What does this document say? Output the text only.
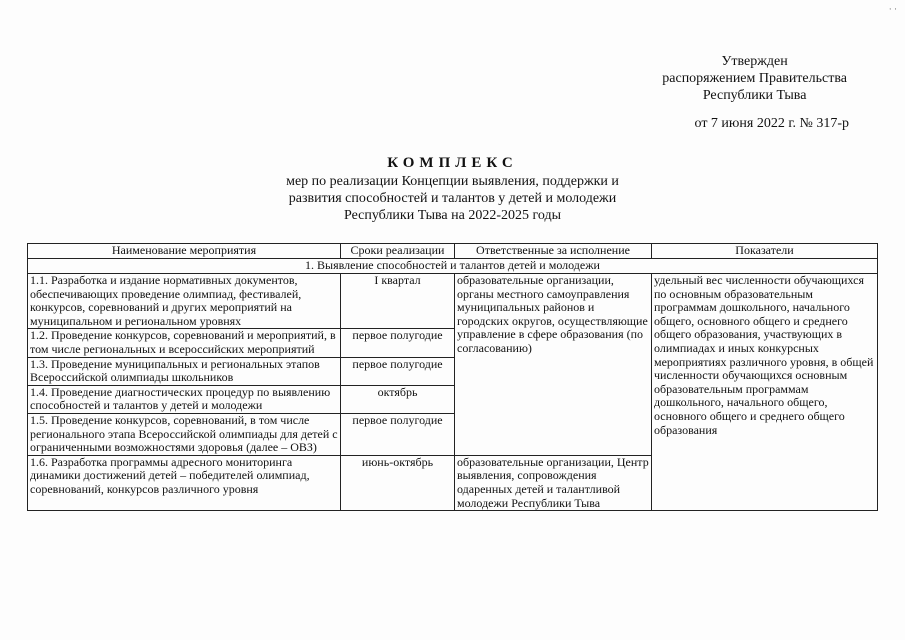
· ·
Утвержден
распоряжением Правительства
Республики Тыва
от 7 июня 2022 г. № 317-р
КОМПЛЕКС
мер по реализации Концепции выявления, поддержки и
развития способностей и талантов у детей и молодежи
Республики Тыва на 2022-2025 годы
Наименование мероприятия	Сроки реализации	Ответственные за исполнение	Показатели
1. Выявление способностей и талантов детей и молодежи			
1.1. Разработка и издание нормативных документов, обеспечивающих проведение олимпиад, фестивалей, конкурсов, соревнований и других мероприятий на муниципальном и региональном уровнях	I квартал	образовательные организации, органы местного самоуправления муниципальных районов и городских округов, осуществляющие управление в сфере образования (по согласованию)	удельный вес численности обучающихся по основным образовательным программам дошкольного, начального общего, основного общего и среднего общего образования, участвующих в олимпиадах и иных конкурсных мероприятиях различного уровня, в общей численности обучающихся основным образовательным программам дошкольного, начального общего, основного общего и среднего общего образования
1.2. Проведение конкурсов, соревнований и мероприятий, в том числе региональных и всероссийских мероприятий	первое полугодие		
1.3. Проведение муниципальных и региональных этапов Всероссийской олимпиады школьников	первое полугодие		
1.4. Проведение диагностических процедур по выявлению способностей и талантов у детей и молодежи	октябрь		
1.5. Проведение конкурсов, соревнований, в том числе регионального этапа Всероссийской олимпиады для детей с ограниченными возможностями здоровья (далее – ОВЗ)	первое полугодие		
1.6. Разработка программы адресного мониторинга динамики достижений детей – победителей олимпиад, соревнований, конкурсов различного уровня	июнь-октябрь	образовательные организации, Центр выявления, сопровождения одаренных детей и талантливой молодежи Республики Тыва	
